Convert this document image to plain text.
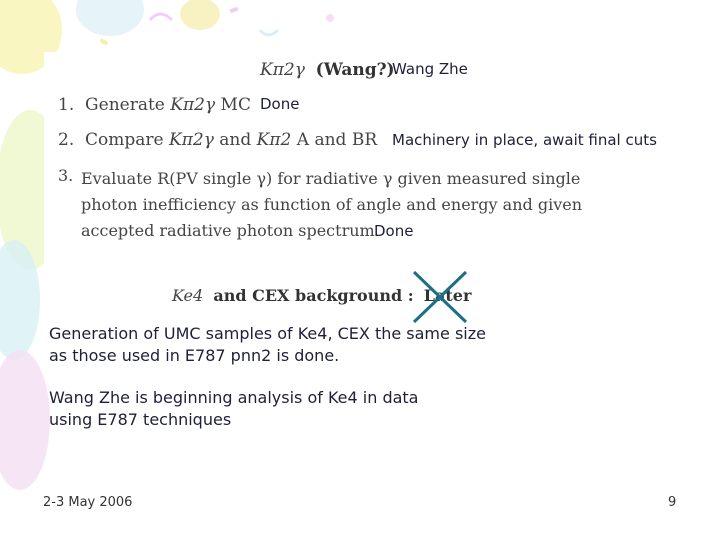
Kπ2γ (Wang?)
Wang Zhe
1. Generate Kπ2γ MC Done
2. Compare Kπ2γ and Kπ2 A and BR Machinery in place, await final cuts
3. Evaluate R(PV single γ) for radiative γ given measured single
photon inefficiency as function of angle and energy and given
accepted radiative photon spectrum Done
Ke4 and CEX background : Later
Generation of UMC samples of Ke4, CEX the same size
as those used in E787 pnn2 is done.
Wang Zhe is beginning analysis of Ke4 in data
using E787 techniques
2-3 May 2006	9
